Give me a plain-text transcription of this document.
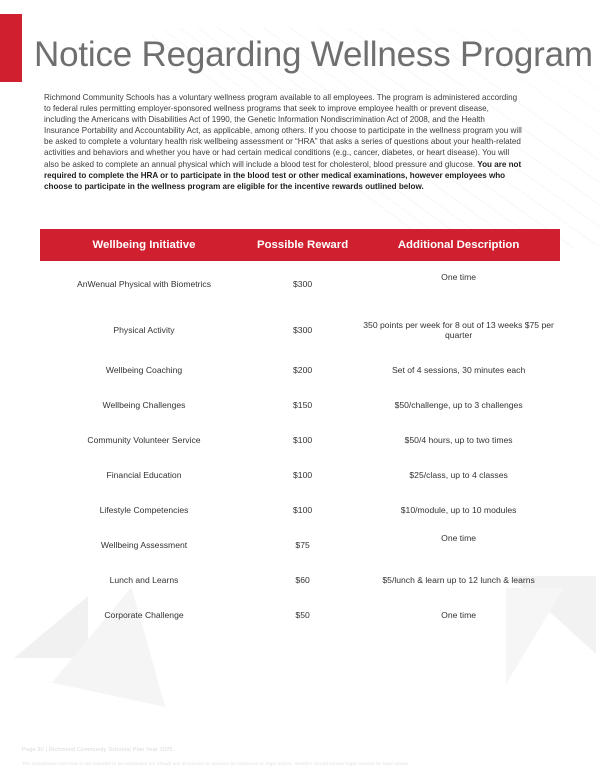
Notice Regarding Wellness Program

Richmond Community Schools has a voluntary wellness program available to all employees. The program is administered according to federal rules permitting employer-sponsored wellness programs that seek to improve employee health or prevent disease, including the Americans with Disabilities Act of 1990, the Genetic Information Nondiscrimination Act of 2008, and the Health Insurance Portability and Accountability Act, as applicable, among others. If you choose to participate in the wellness program you will be asked to complete a voluntary health risk wellbeing assessment or “HRA” that asks a series of questions about your health-related activities and behaviors and whether you have or had certain medical conditions (e.g., cancer, diabetes, or heart disease). You will also be asked to complete an annual physical which will include a blood test for cholesterol, blood pressure and glucose. You are not required to complete the HRA or to participate in the blood test or other medical examinations, however employees who choose to participate in the wellness program are eligible for the incentive rewards outlined below.

Wellbeing Initiative	Possible Reward	Additional Description
AnWenual Physical with Biometrics	$300	One time
Physical Activity	$300	350 points per week for 8 out of 13 weeks $75 per quarter
Wellbeing Coaching	$200	Set of 4 sessions, 30 minutes each
Wellbeing Challenges	$150	$50/challenge, up to 3 challenges
Community Volunteer Service	$100	$50/4 hours, up to two times
Financial Education	$100	$25/class, up to 4 classes
Lifestyle Competencies	$100	$10/module, up to 10 modules
Wellbeing Assessment	$75	One time
Lunch and Learns	$60	$5/lunch & learn up to 12 lunch & learns
Corporate Challenge	$50	One time
Page 30 | Richmond Community Schools| Plan Year 2025
The Compliance Overview is not intended to be exhaustive nor should any discussion or opinions be construed as legal advice. Readers should contact legal counsel for legal advice.
